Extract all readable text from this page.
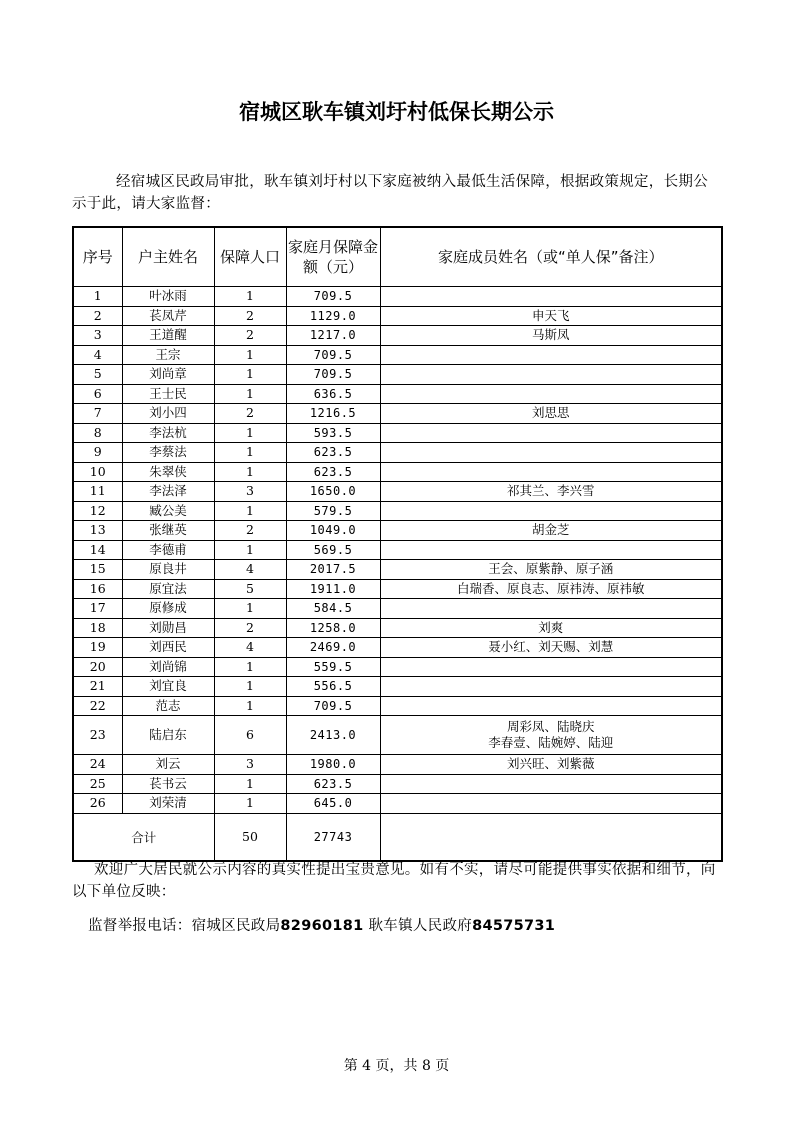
宿城区耿车镇刘圩村低保长期公示
经宿城区民政局审批，耿车镇刘圩村以下家庭被纳入最低生活保障，根据政策规定，长期公示于此，请大家监督：
序号	户主姓名	保障人口	家庭月保障金额（元）	家庭成员姓名（或“单人保”备注）
1	叶冰雨	1	709.5	
2	苌凤芹	2	1129.0	申天飞
3	王道醒	2	1217.0	马斯凤
4	王宗	1	709.5	
5	刘尚章	1	709.5	
6	王士民	1	636.5	
7	刘小四	2	1216.5	刘思思
8	李法杭	1	593.5	
9	李蔡法	1	623.5	
10	朱翠侠	1	623.5	
11	李法泽	3	1650.0	祁其兰、李兴雪
12	臧公美	1	579.5	
13	张继英	2	1049.0	胡金芝
14	李德甫	1	569.5	
15	原良井	4	2017.5	王会、原紫静、原子涵
16	原宜法	5	1911.0	白瑞香、原良志、原祎涛、原祎敏
17	原修成	1	584.5	
18	刘勋昌	2	1258.0	刘爽
19	刘西民	4	2469.0	聂小红、刘天赐、刘慧
20	刘尚锦	1	559.5	
21	刘宜良	1	556.5	
22	范志	1	709.5	
23	陆启东	6	2413.0	周彩凤、陆晓庆
李春壹、陆婉婷、陆迎

24	刘云	3	1980.0	刘兴旺、刘紫薇
25	苌书云	1	623.5	
26	刘荣清	1	645.0	
合计		50	27743	
欢迎广大居民就公示内容的真实性提出宝贵意见。如有不实，请尽可能提供事实依据和细节，向以下单位反映：
监督举报电话：宿城区民政局82960181 耿车镇人民政府84575731
第 4 页，共 8 页
